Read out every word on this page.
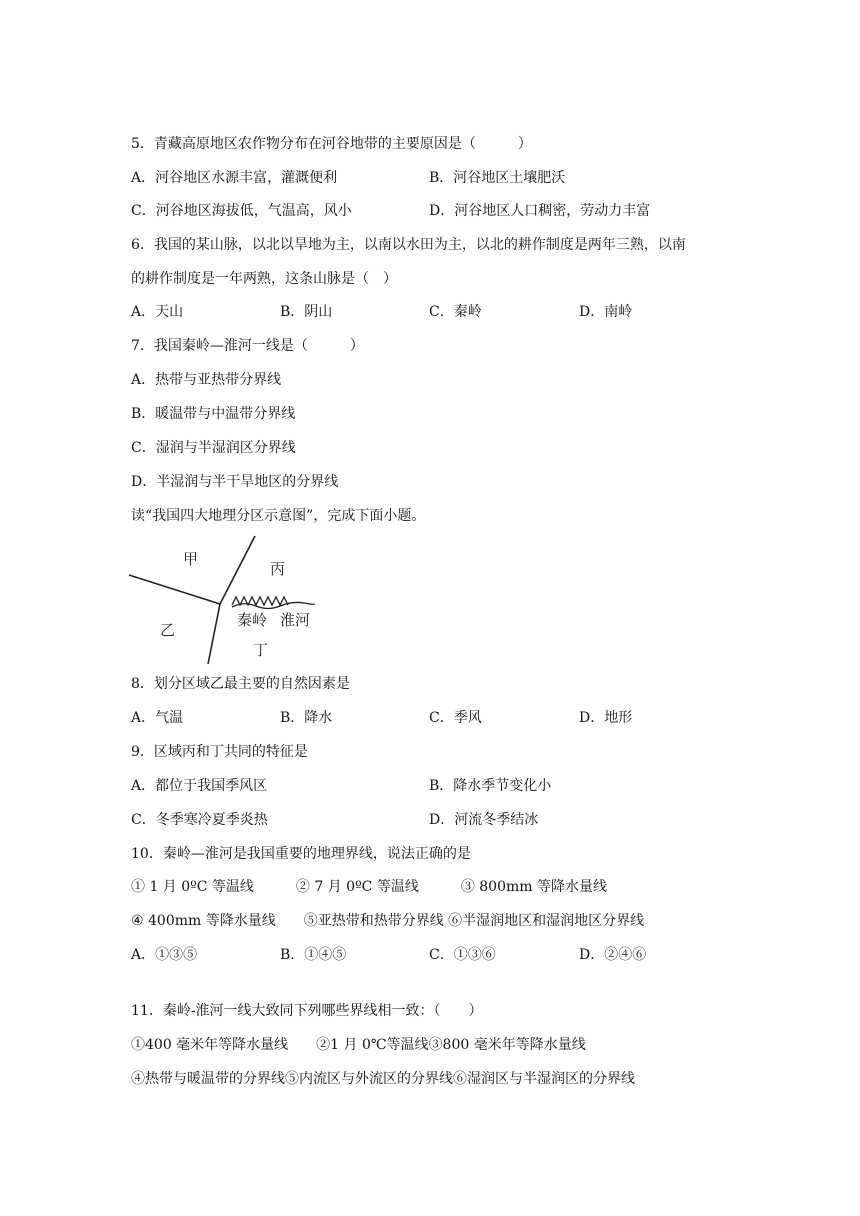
5．青藏高原地区农作物分布在河谷地带的主要原因是（　　　）
A．河谷地区水源丰富，灌溉便利	B．河谷地区土壤肥沃
C．河谷地区海拔低，气温高，风小	D．河谷地区人口稠密，劳动力丰富
6．我国的某山脉，以北以旱地为主，以南以水田为主，以北的耕作制度是两年三熟，以南
的耕作制度是一年两熟，这条山脉是（　）
A．天山	B．阴山	C．秦岭	D．南岭
7．我国秦岭—淮河一线是（　　　）
A．热带与亚热带分界线
B．暖温带与中温带分界线
C．湿润与半湿润区分界线
D．半湿润与半干旱地区的分界线
读“我国四大地理分区示意图”，完成下面小题。
甲
丙
乙
秦岭 淮河
丁
8．划分区域乙最主要的自然因素是
A．气温	B．降水	C．季风	D．地形
9．区域丙和丁共同的特征是
A．都位于我国季风区	B．降水季节变化小
C．冬季寒冷夏季炎热	D．河流冬季结冰
10．秦岭—淮河是我国重要的地理界线，说法正确的是
① 1 月 0ºC 等温线　　　② 7 月 0ºC 等温线　　　③ 800mm 等降水量线
④ 400mm 等降水量线　　⑤亚热带和热带分界线 ⑥半湿润地区和湿润地区分界线
A．①③⑤	B．①④⑤	C．①③⑥	D．②④⑥
11．秦岭-淮河一线大致同下列哪些界线相一致：（　　）
①400 毫米年等降水量线　　②1 月 0℃等温线③800 毫米年等降水量线
④热带与暖温带的分界线⑤内流区与外流区的分界线⑥湿润区与半湿润区的分界线
